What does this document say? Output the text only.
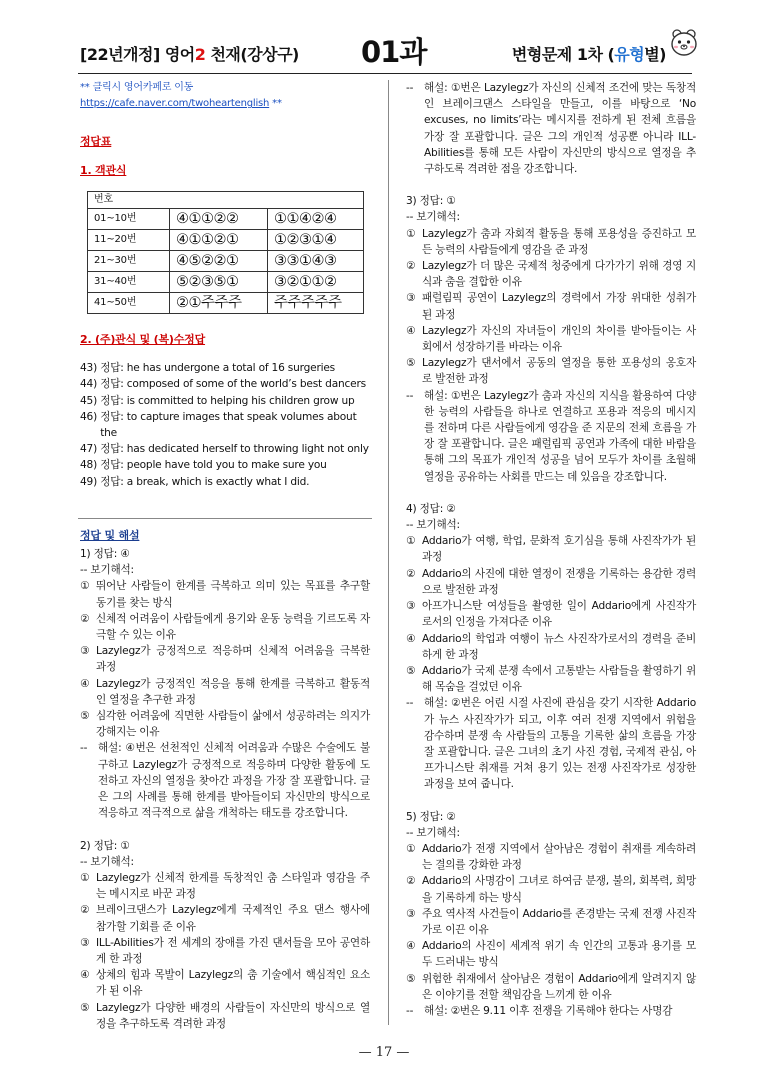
[22년개정] 영어2 천재(강상구) 01과	변형문제 1차 (유형별)
** 클릭시 영어카페로 이동 https://cafe.naver.com/twoheartenglish **
정답표
1. 객관식
번호		
01~10번	④①①②②	①①④②④
11~20번	④①①②①	①②③①④
21~30번	④⑤②②①	③③①④③
31~40번	⑤②③⑤①	③②①①②
41~50번	②①주주주	주주주주주
2. (주)관식 및 (복)수정답
43) 정답: he has undergone a total of 16 surgeries
44) 정답: composed of some of the world’s best dancers
45) 정답: is committed to helping his children grow up
46) 정답: to capture images that speak volumes about the
47) 정답: has dedicated herself to throwing light not only
48) 정답: people have told you to make sure you
49) 정답: a break, which is exactly what I did.
정답 및 해설
1) 정답: ④
-- 보기해석:
① 뛰어난 사람들이 한계를 극복하고 의미 있는 목표를 추구할 동기를 찾는 방식
② 신체적 어려움이 사람들에게 용기와 운동 능력을 기르도록 자극할 수 있는 이유
③ Lazylegz가 긍정적으로 적응하며 신체적 어려움을 극복한 과정
④ Lazylegz가 긍정적인 적응을 통해 한계를 극복하고 활동적인 열정을 추구한 과정
⑤ 심각한 어려움에 직면한 사람들이 삶에서 성공하려는 의지가 강해지는 이유
--	해설: ④번은 선천적인 신체적 어려움과 수많은 수술에도 불구하고 Lazylegz가 긍정적으로 적응하며 다양한 활동에 도전하고 자신의 열정을 찾아간 과정을 가장 잘 포괄합니다. 글은 그의 사례를 통해 한계를 받아들이되 자신만의 방식으로 적응하고 적극적으로 삶을 개척하는 태도를 강조합니다.
2) 정답: ①
-- 보기해석:
① Lazylegz가 신체적 한계를 독창적인 춤 스타일과 영감을 주는 메시지로 바꾼 과정
② 브레이크댄스가 Lazylegz에게 국제적인 주요 댄스 행사에 참가할 기회를 준 이유
③ ILL-Abilities가 전 세계의 장애를 가진 댄서들을 모아 공연하게 한 과정
④ 상체의 힘과 목발이 Lazylegz의 춤 기술에서 핵심적인 요소가 된 이유
⑤ Lazylegz가 다양한 배경의 사람들이 자신만의 방식으로 열정을 추구하도록 격려한 과정
--	해설: ①번은 Lazylegz가 자신의 신체적 조건에 맞는 독창적인 브레이크댄스 스타일을 만들고, 이를 바탕으로 ‘No excuses, no limits’라는 메시지를 전하게 된 전체 흐름을 가장 잘 포괄합니다. 글은 그의 개인적 성공뿐 아니라 ILL-Abilities를 통해 모든 사람이 자신만의 방식으로 열정을 추구하도록 격려한 점을 강조합니다.
3) 정답: ①
-- 보기해석:
① Lazylegz가 춤과 자회적 활동을 통해 포용성을 증진하고 모든 능력의 사람들에게 영감을 준 과정
② Lazylegz가 더 많은 국제적 청중에게 다가가기 위해 경영 지식과 춤을 결합한 이유
③ 패럴림픽 공연이 Lazylegz의 경력에서 가장 위대한 성취가 된 과정
④ Lazylegz가 자신의 자녀들이 개인의 차이를 받아들이는 사회에서 성장하기를 바라는 이유
⑤ Lazylegz가 댄서에서 공동의 열정을 통한 포용성의 옹호자로 발전한 과정
--	해설: ①번은 Lazylegz가 춤과 자신의 지식을 활용하여 다양한 능력의 사람들을 하나로 연결하고 포용과 적응의 메시지를 전하며 다른 사람들에게 영감을 준 지문의 전체 흐름을 가장 잘 포괄합니다. 글은 패럴림픽 공연과 가족에 대한 바람을 통해 그의 목표가 개인적 성공을 넘어 모두가 차이를 초월해 열정을 공유하는 사회를 만드는 데 있음을 강조합니다.
4) 정답: ②
-- 보기해석:
① Addario가 여행, 학업, 문화적 호기심을 통해 사진작가가 된 과정
② Addario의 사진에 대한 열정이 전쟁을 기록하는 용감한 경력으로 발전한 과정
③ 아프가니스탄 여성들을 촬영한 일이 Addario에게 사진작가로서의 인정을 가져다준 이유
④ Addario의 학업과 여행이 뉴스 사진작가로서의 경력을 준비하게 한 과정
⑤ Addario가 국제 분쟁 속에서 고통받는 사람들을 촬영하기 위해 목숨을 걸었던 이유
--	해설: ②번은 어린 시절 사진에 관심을 갖기 시작한 Addario가 뉴스 사진작가가 되고, 이후 여러 전쟁 지역에서 위험을 감수하며 분쟁 속 사람들의 고통을 기록한 삶의 흐름을 가장 잘 포괄합니다. 글은 그녀의 초기 사진 경험, 국제적 관심, 아프가니스탄 취재를 거쳐 용기 있는 전쟁 사진작가로 성장한 과정을 보여 줍니다.
5) 정답: ②
-- 보기해석:
① Addario가 전쟁 지역에서 살아남은 경험이 취재를 계속하려는 결의를 강화한 과정
② Addario의 사명감이 그녀로 하여금 분쟁, 불의, 회복력, 희망을 기록하게 하는 방식
③ 주요 역사적 사건들이 Addario를 존경받는 국제 전쟁 사진작가로 이끈 이유
④ Addario의 사진이 세계적 위기 속 인간의 고통과 용기를 모두 드러내는 방식
⑤ 위험한 취재에서 살아남은 경험이 Addario에게 알려지지 않은 이야기를 전할 책임감을 느끼게 한 이유
--	해설: ②번은 9.11 이후 전쟁을 기록해야 한다는 사명감
— 17 —
